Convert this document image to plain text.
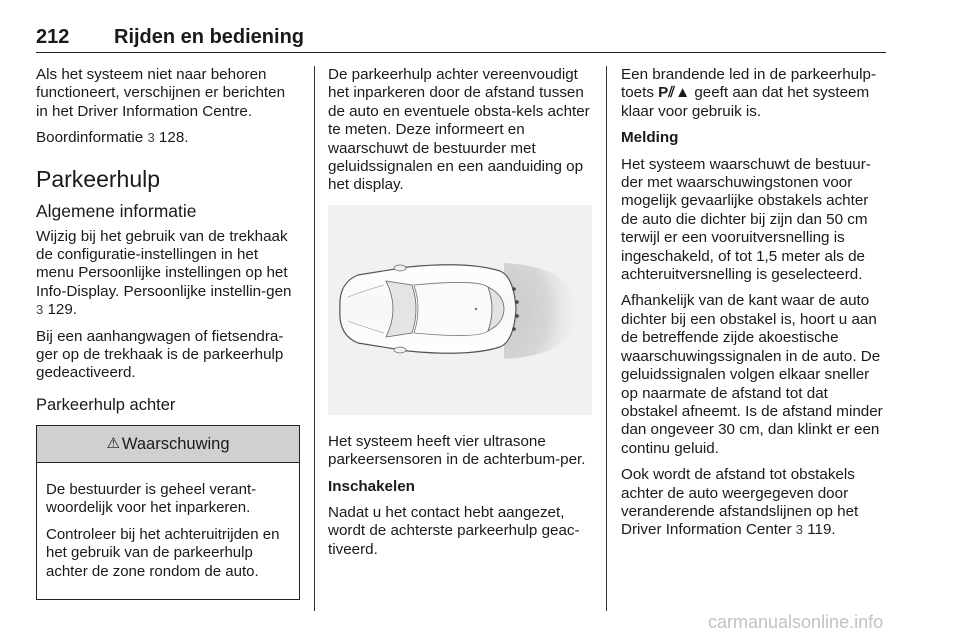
212 Rijden en bediening

Als het systeem niet naar behoren functioneert, verschijnen er berichten in het Driver Information Centre.

Boordinformatie 3 128.

Parkeerhulp
Algemene informatie

Wijzig bij het gebruik van de trekhaak de configuratie-instellingen in het menu Persoonlijke instellingen op het Info-Display. Persoonlijke instellin-gen 3 129.

Bij een aanhangwagen of fietsendra-ger op de trekhaak is de parkeerhulp gedeactiveerd.

Parkeerhulp achter
⚠ Waarschuwing

De bestuurder is geheel verant-woordelijk voor het inparkeren.

Controleer bij het achteruitrijden en het gebruik van de parkeerhulp achter de zone rondom de auto.

De parkeerhulp achter vereenvoudigt het inparkeren door de afstand tussen de auto en eventuele obsta-kels achter te meten. Deze informeert en waarschuwt de bestuurder met geluidssignalen en een aanduiding op het display.

Het systeem heeft vier ultrasone parkeersensoren in de achterbum-per.

Inschakelen

Nadat u het contact hebt aangezet, wordt de achterste parkeerhulp geac-tiveerd.

Een brandende led in de parkeerhulp-toets P⫽▲ geeft aan dat het systeem klaar voor gebruik is.

Melding

Het systeem waarschuwt de bestuur-der met waarschuwingstonen voor mogelijk gevaarlijke obstakels achter de auto die dichter bij zijn dan 50 cm terwijl er een vooruitversnelling is ingeschakeld, of tot 1,5 meter als de achteruitversnelling is geselecteerd.

Afhankelijk van de kant waar de auto dichter bij een obstakel is, hoort u aan de betreffende zijde akoestische waarschuwingssignalen in de auto. De geluidssignalen volgen elkaar sneller op naarmate de afstand tot dat obstakel afneemt. Is de afstand minder dan ongeveer 30 cm, dan klinkt er een continu geluid.

Ook wordt de afstand tot obstakels achter de auto weergegeven door veranderende afstandslijnen op het Driver Information Center 3 119.

carmanualsonline.info
